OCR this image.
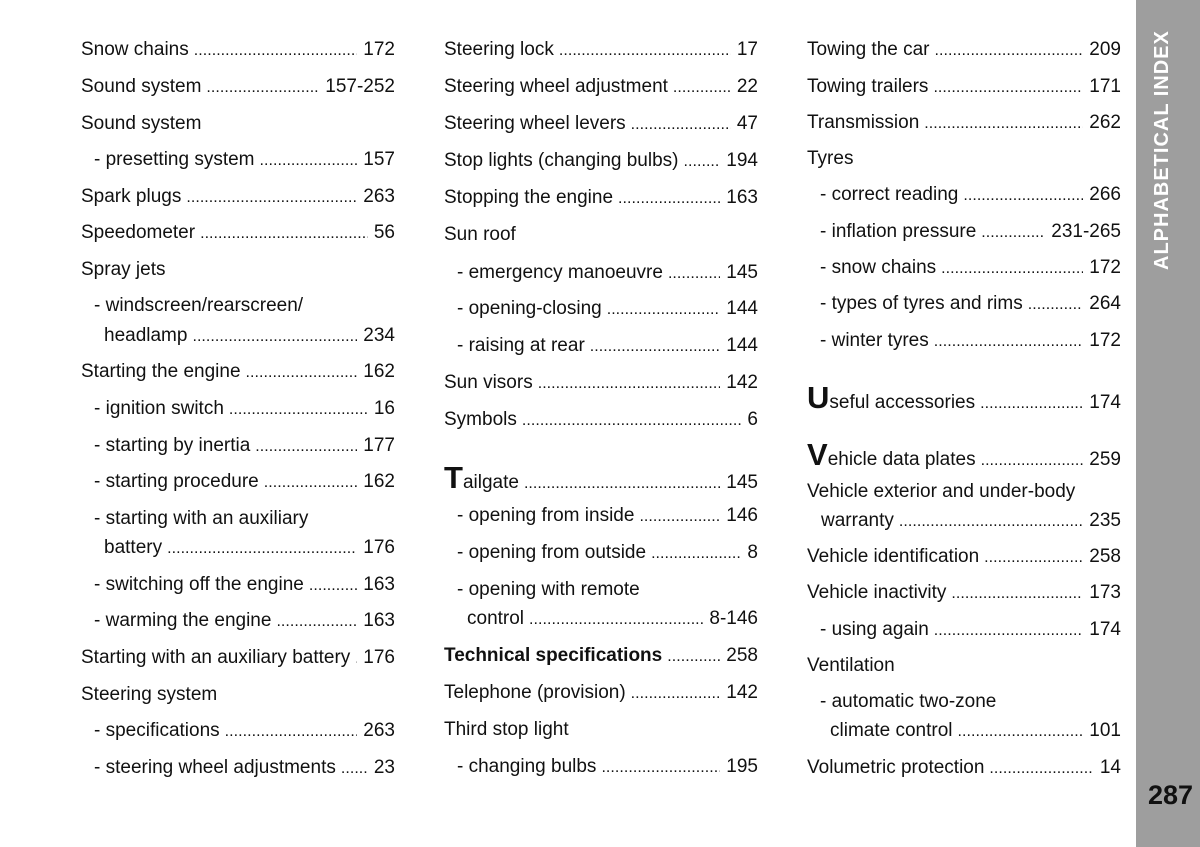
ALPHABETICAL INDEX
287
Snow chains . . .	172
Sound system . . .	157-252
Sound system
- presetting system . . .	157
Spark plugs . . .	263
Speedometer . . .	56
Spray jets
- windscreen/rearscreen/
headlamp . . .	234
Starting the engine . . .	162
- ignition switch . . .	16
- starting by inertia . . .	177
- starting procedure . . .	162
- starting with an auxiliary
battery . . .	176
- switching off the engine . . .	163
- warming the engine . . .	163
Starting with an auxiliary battery . . . 176
Steering system
- specifications . . .	263
- steering wheel adjustments . . . 23
Steering lock . . .	17
Steering wheel adjustment . . .	22
Steering wheel levers . . .	47
Stop lights (changing bulbs) . . .	194
Stopping the engine . . .	163
Sun roof
- emergency manoeuvre . . .	145
- opening-closing . . .	144
- raising at rear . . .	144
Sun visors . . .	142
Symbols . . .	6
Tailgate . . .	145
- opening from inside . . .	146
- opening from outside . . .	8
- opening with remote
control . . .	8-146
Technical specifications . . .	258
Telephone (provision) . . .	142
Third stop light
- changing bulbs . . .	195
Towing the car . . .	209
Towing trailers . . .	171
Transmission . . .	262
Tyres
- correct reading . . .	266
- inflation pressure . . .	231-265
- snow chains . . .	172
- types of tyres and rims . . .	264
- winter tyres . . .	172
Useful accessories . . .	174
Vehicle data plates . . .	259
Vehicle exterior and under-body
warranty . . .	235
Vehicle identification . . .	258
Vehicle inactivity . . .	173
- using again . . .	174
Ventilation
- automatic two-zone
climate control . . .	101
Volumetric protection . . .	14
